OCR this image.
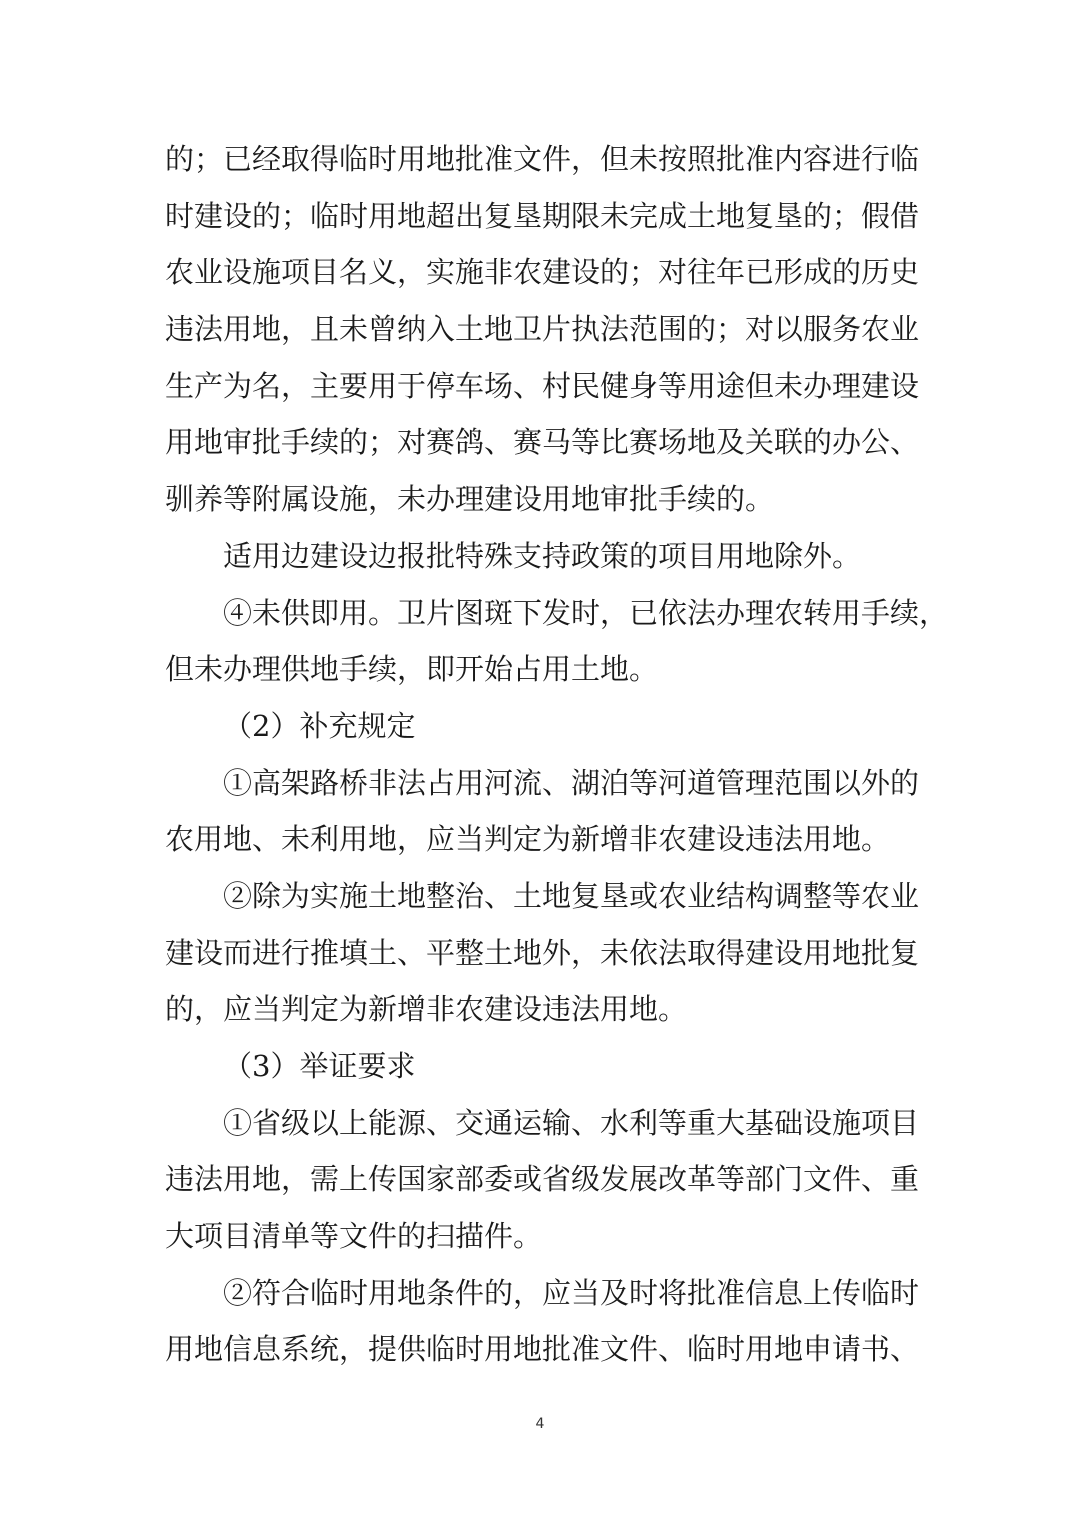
的；已经取得临时用地批准文件，但未按照批准内容进行临
时建设的；临时用地超出复垦期限未完成土地复垦的；假借
农业设施项目名义，实施非农建设的；对往年已形成的历史
违法用地，且未曾纳入土地卫片执法范围的；对以服务农业
生产为名，主要用于停车场、村民健身等用途但未办理建设
用地审批手续的；对赛鸽、赛马等比赛场地及关联的办公、
驯养等附属设施，未办理建设用地审批手续的。
适用边建设边报批特殊支持政策的项目用地除外。
④未供即用。卫片图斑下发时，已依法办理农转用手续，
但未办理供地手续，即开始占用土地。
（2）补充规定
①高架路桥非法占用河流、湖泊等河道管理范围以外的
农用地、未利用地，应当判定为新增非农建设违法用地。
②除为实施土地整治、土地复垦或农业结构调整等农业
建设而进行推填土、平整土地外，未依法取得建设用地批复
的，应当判定为新增非农建设违法用地。
（3）举证要求
①省级以上能源、交通运输、水利等重大基础设施项目
违法用地，需上传国家部委或省级发展改革等部门文件、重
大项目清单等文件的扫描件。
②符合临时用地条件的，应当及时将批准信息上传临时
用地信息系统，提供临时用地批准文件、临时用地申请书、
4
